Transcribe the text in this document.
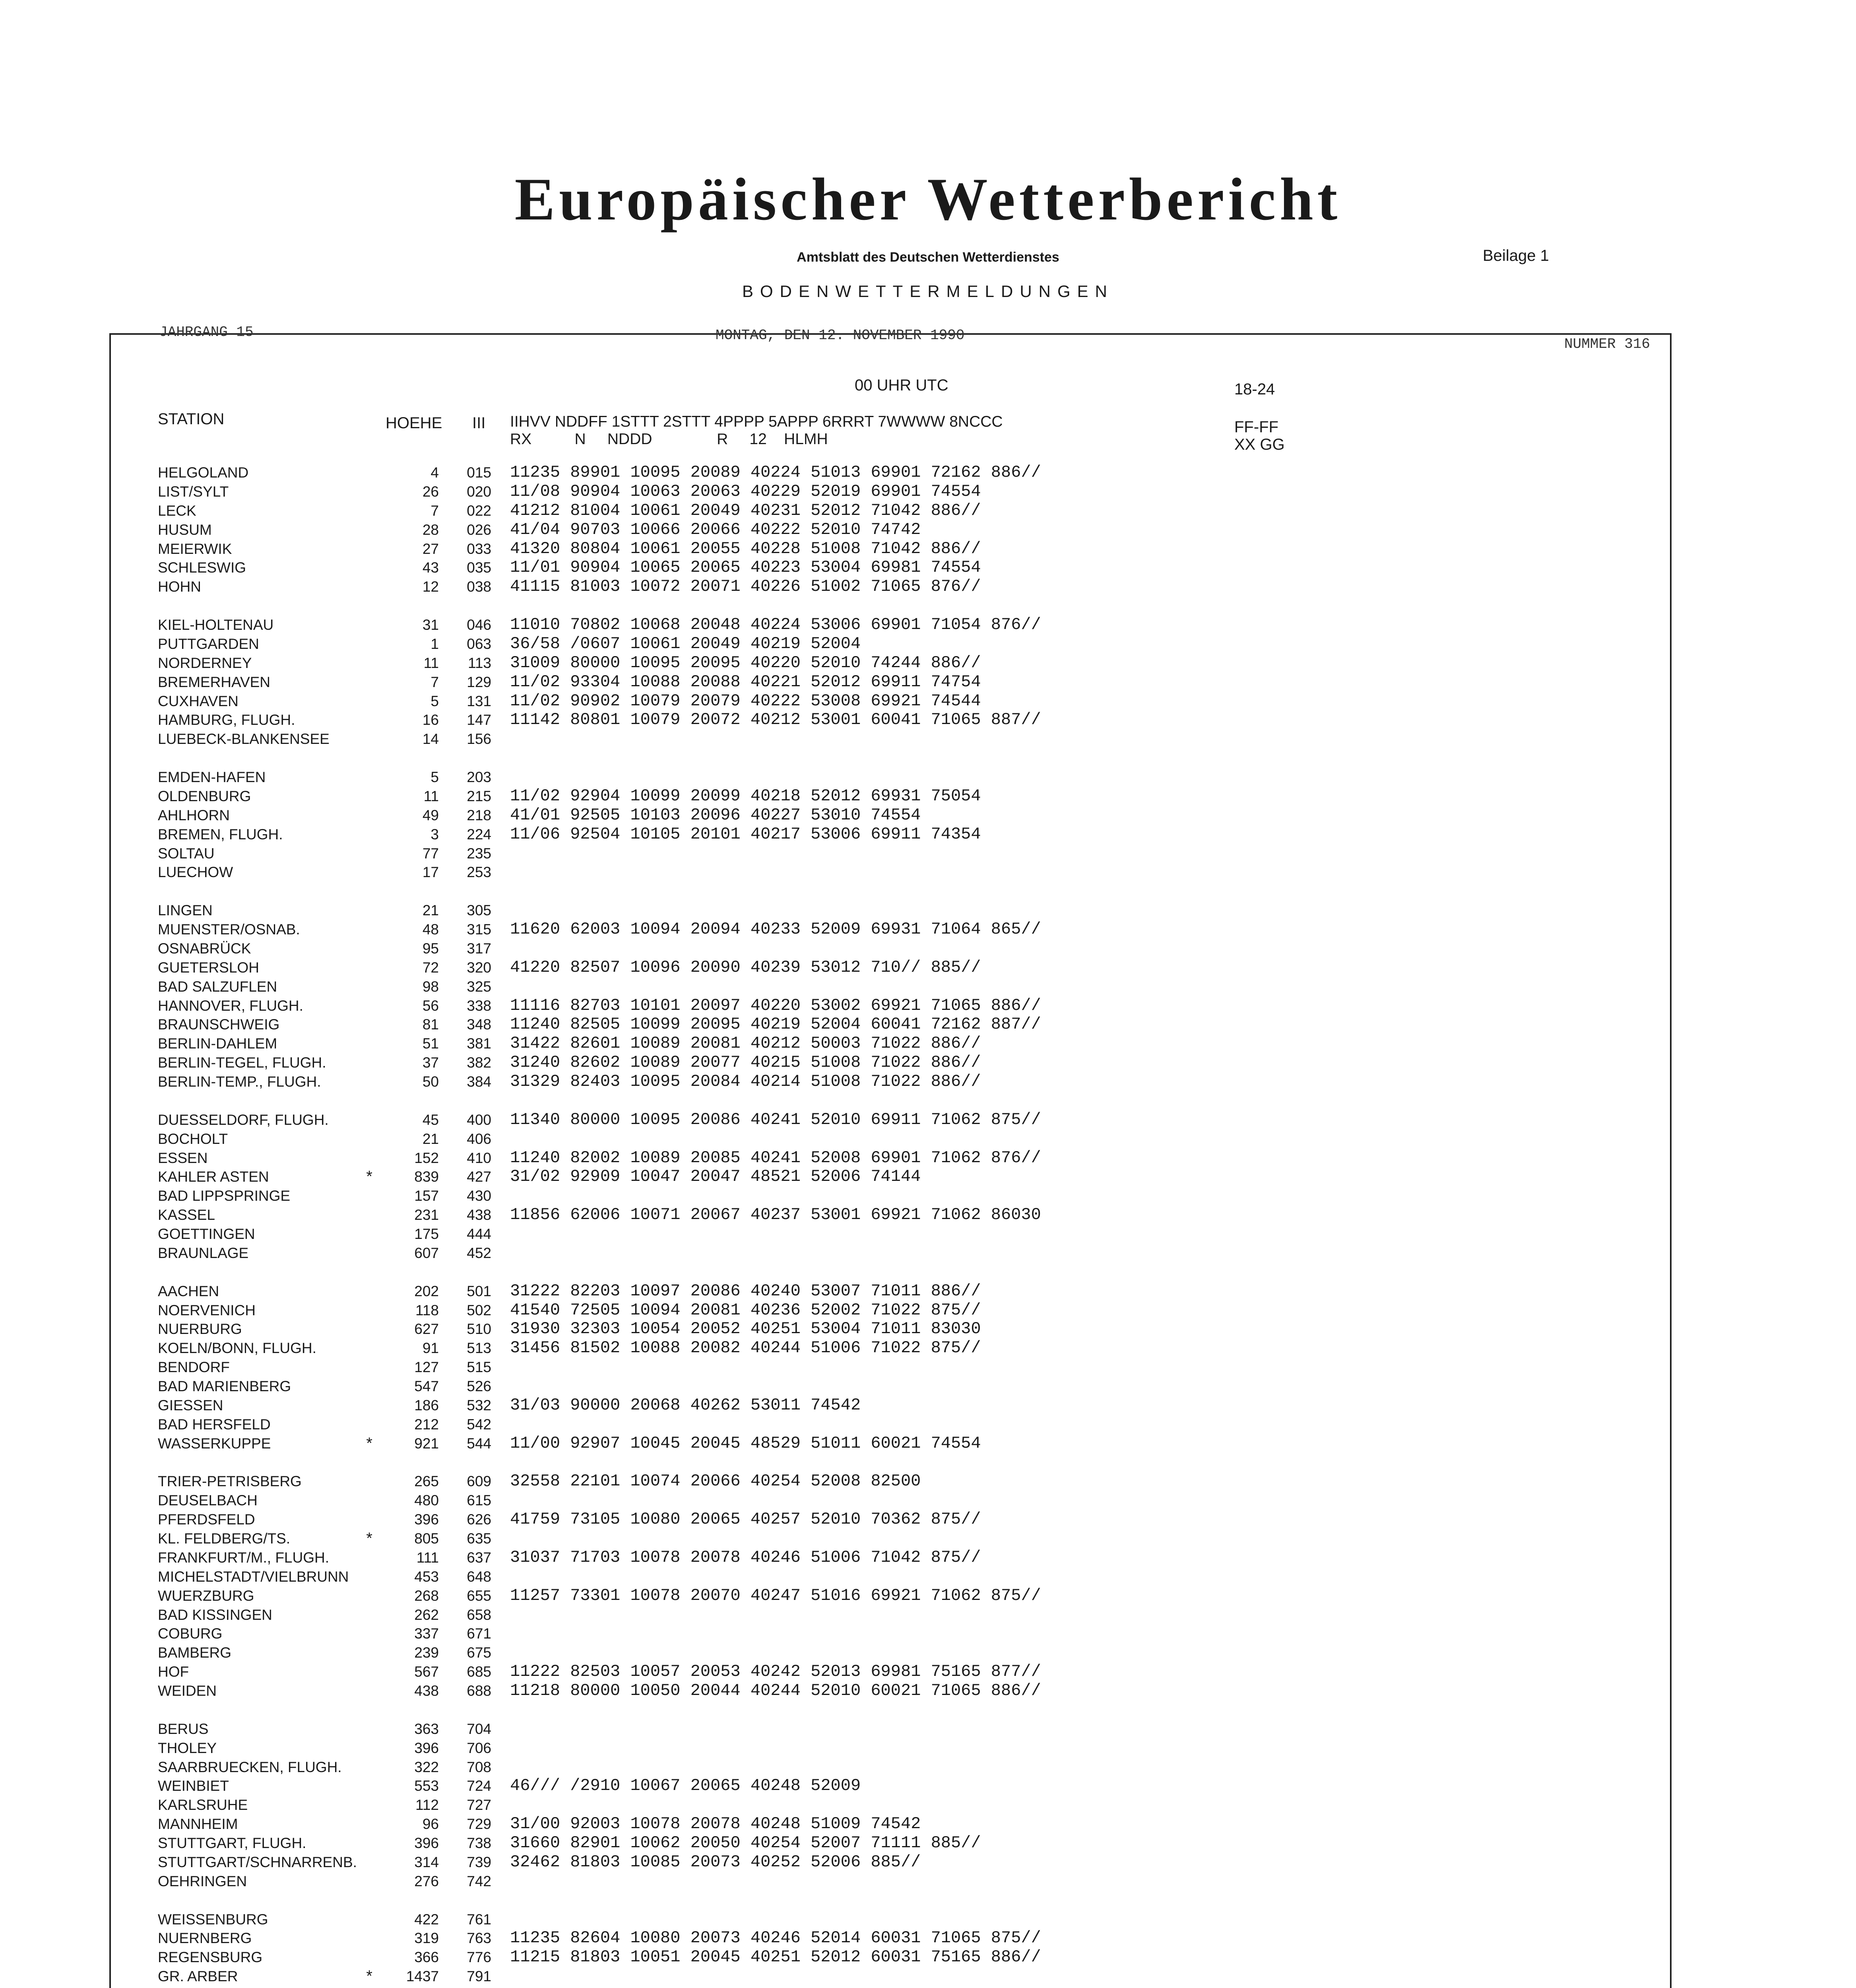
Europäischer Wetterbericht
Amtsblatt des Deutschen Wetterdienstes	Beilage 1
BODENWETTERMELDUNGEN
JAHRGANG 15	MONTAG, DEN 12. NOVEMBER 1990
NUMMER 316
00 UHR UTC	18-24
STATION	HOEHE III IIHVV NDDFF 1STTT 2STTT 4PPPP 5APPP 6RRRT 7WWWW 8NCCC
RX          N     NDDD               R     12    HLMH
FF-FF
XX GG
HELGOLAND	4	015 11235 89901 10095 20089 40224 51013 69901 72162 886//
LIST/SYLT	26	020 11/08 90904 10063 20063 40229 52019 69901 74554
LECK	7	022 41212 81004 10061 20049 40231 52012 71042 886//
HUSUM	28	026 41/04 90703 10066 20066 40222 52010 74742
MEIERWIK	27	033 41320 80804 10061 20055 40228 51008 71042 886//
SCHLESWIG	43	035 11/01 90904 10065 20065 40223 53004 69981 74554
HOHN	12	038 41115 81003 10072 20071 40226 51002 71065 876//
KIEL-HOLTENAU	31	046 11010 70802 10068 20048 40224 53006 69901 71054 876//
PUTTGARDEN	1	063 36/58 /0607 10061 20049 40219 52004
NORDERNEY	11	113 31009 80000 10095 20095 40220 52010 74244 886//
BREMERHAVEN	7	129 11/02 93304 10088 20088 40221 52012 69911 74754
CUXHAVEN	5	131 11/02 90902 10079 20079 40222 53008 69921 74544
HAMBURG, FLUGH.	16	147 11142 80801 10079 20072 40212 53001 60041 71065 887//
LUEBECK-BLANKENSEE	14	156
EMDEN-HAFEN	5	203
OLDENBURG	11	215 11/02 92904 10099 20099 40218 52012 69931 75054
AHLHORN	49	218 41/01 92505 10103 20096 40227 53010 74554
BREMEN, FLUGH.	3	224 11/06 92504 10105 20101 40217 53006 69911 74354
SOLTAU	77	235
LUECHOW	17	253
LINGEN	21	305
MUENSTER/OSNAB.	48	315 11620 62003 10094 20094 40233 52009 69931 71064 865//
OSNABRÜCK	95	317
GUETERSLOH	72	320 41220 82507 10096 20090 40239 53012 710// 885//
BAD SALZUFLEN	98	325
HANNOVER, FLUGH.	56	338 11116 82703 10101 20097 40220 53002 69921 71065 886//
BRAUNSCHWEIG	81	348 11240 82505 10099 20095 40219 52004 60041 72162 887//
BERLIN-DAHLEM	51	381 31422 82601 10089 20081 40212 50003 71022 886//
BERLIN-TEGEL, FLUGH.	37	382 31240 82602 10089 20077 40215 51008 71022 886//
BERLIN-TEMP., FLUGH.	50	384 31329 82403 10095 20084 40214 51008 71022 886//
DUESSELDORF, FLUGH.	45	400 11340 80000 10095 20086 40241 52010 69911 71062 875//
BOCHOLT	21	406
ESSEN	152	410 11240 82002 10089 20085 40241 52008 69901 71062 876//
KAHLER ASTEN	*	839	427 31/02 92909 10047 20047 48521 52006 74144
BAD LIPPSPRINGE	157	430
KASSEL	231	438 11856 62006 10071 20067 40237 53001 69921 71062 86030
GOETTINGEN	175	444
BRAUNLAGE	607	452
AACHEN	202	501 31222 82203 10097 20086 40240 53007 71011 886//
NOERVENICH	118	502 41540 72505 10094 20081 40236 52002 71022 875//
NUERBURG	627	510 31930 32303 10054 20052 40251 53004 71011 83030
KOELN/BONN, FLUGH.	91	513 31456 81502 10088 20082 40244 51006 71022 875//
BENDORF	127	515
BAD MARIENBERG	547	526
GIESSEN	186	532 31/03 90000 20068 40262 53011 74542
BAD HERSFELD	212	542
WASSERKUPPE	*	921	544 11/00 92907 10045 20045 48529 51011 60021 74554
TRIER-PETRISBERG	265	609 32558 22101 10074 20066 40254 52008 82500
DEUSELBACH	480	615
PFERDSFELD	396	626 41759 73105 10080 20065 40257 52010 70362 875//
KL. FELDBERG/TS.	*	805	635
FRANKFURT/M., FLUGH.	111	637 31037 71703 10078 20078 40246 51006 71042 875//
MICHELSTADT/VIELBRUNN	453	648
WUERZBURG	268	655 11257 73301 10078 20070 40247 51016 69921 71062 875//
BAD KISSINGEN	262	658
COBURG	337	671
BAMBERG	239	675
HOF	567	685 11222 82503 10057 20053 40242 52013 69981 75165 877//
WEIDEN	438	688 11218 80000 10050 20044 40244 52010 60021 71065 886//
BERUS	363	704
THOLEY	396	706
SAARBRUECKEN, FLUGH.	322	708
WEINBIET	553	724 46/// /2910 10067 20065 40248 52009
KARLSRUHE	112	727
MANNHEIM	96	729 31/00 92003 10078 20078 40248 51009 74542
STUTTGART, FLUGH.	396	738 31660 82901 10062 20050 40254 52007 71111 885//
STUTTGART/SCHNARRENB.	314	739 32462 81803 10085 20073 40252 52006 885//
OEHRINGEN	276	742
WEISSENBURG	422	761
NUERNBERG	319	763 11235 82604 10080 20073 40246 52014 60031 71065 875//
REGENSBURG	366	776 11215 81803 10051 20045 40251 52012 60031 75165 886//
GR. ARBER	*	1437	791
